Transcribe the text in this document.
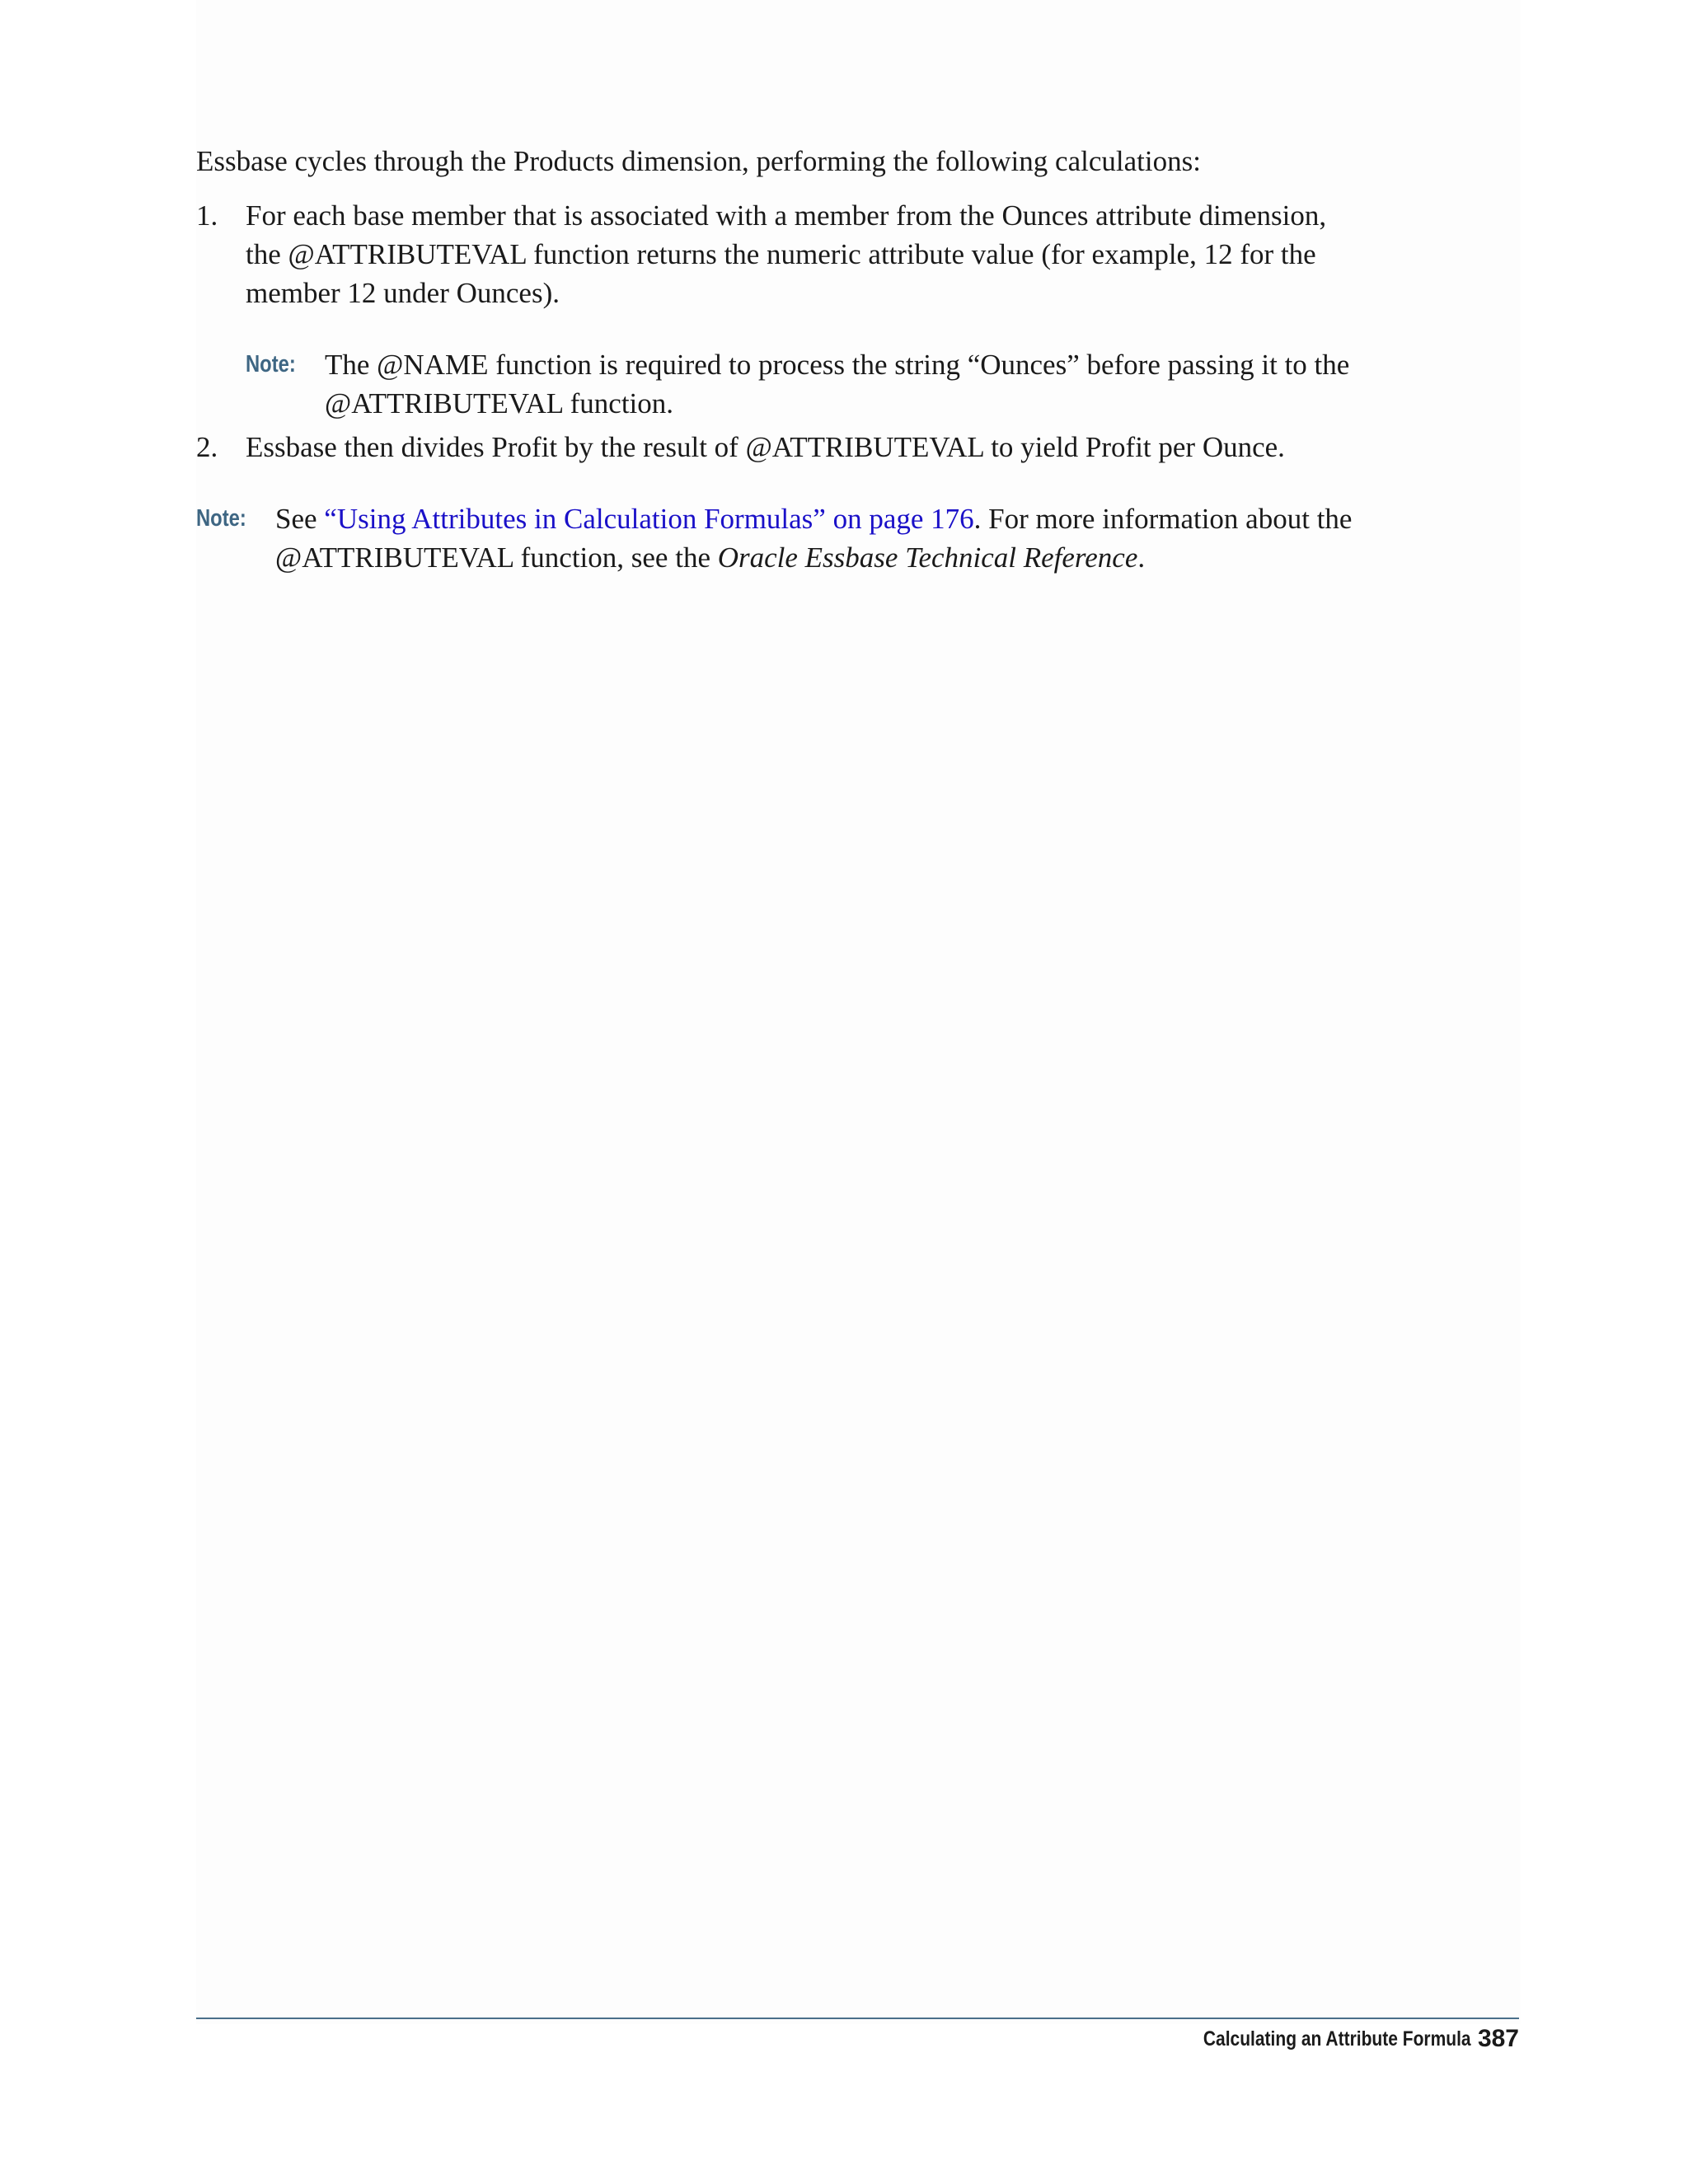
Essbase cycles through the Products dimension, performing the following calculations:

1. For each base member that is associated with a member from the Ounces attribute dimension, the @ATTRIBUTEVAL function returns the numeric attribute value (for example, 12 for the member 12 under Ounces).

Note: The @NAME function is required to process the string “Ounces” before passing it to the @ATTRIBUTEVAL function.

2. Essbase then divides Profit by the result of @ATTRIBUTEVAL to yield Profit per Ounce.

Note: See “Using Attributes in Calculation Formulas” on page 176. For more information about the @ATTRIBUTEVAL function, see the Oracle Essbase Technical Reference.

Calculating an Attribute Formula 387
